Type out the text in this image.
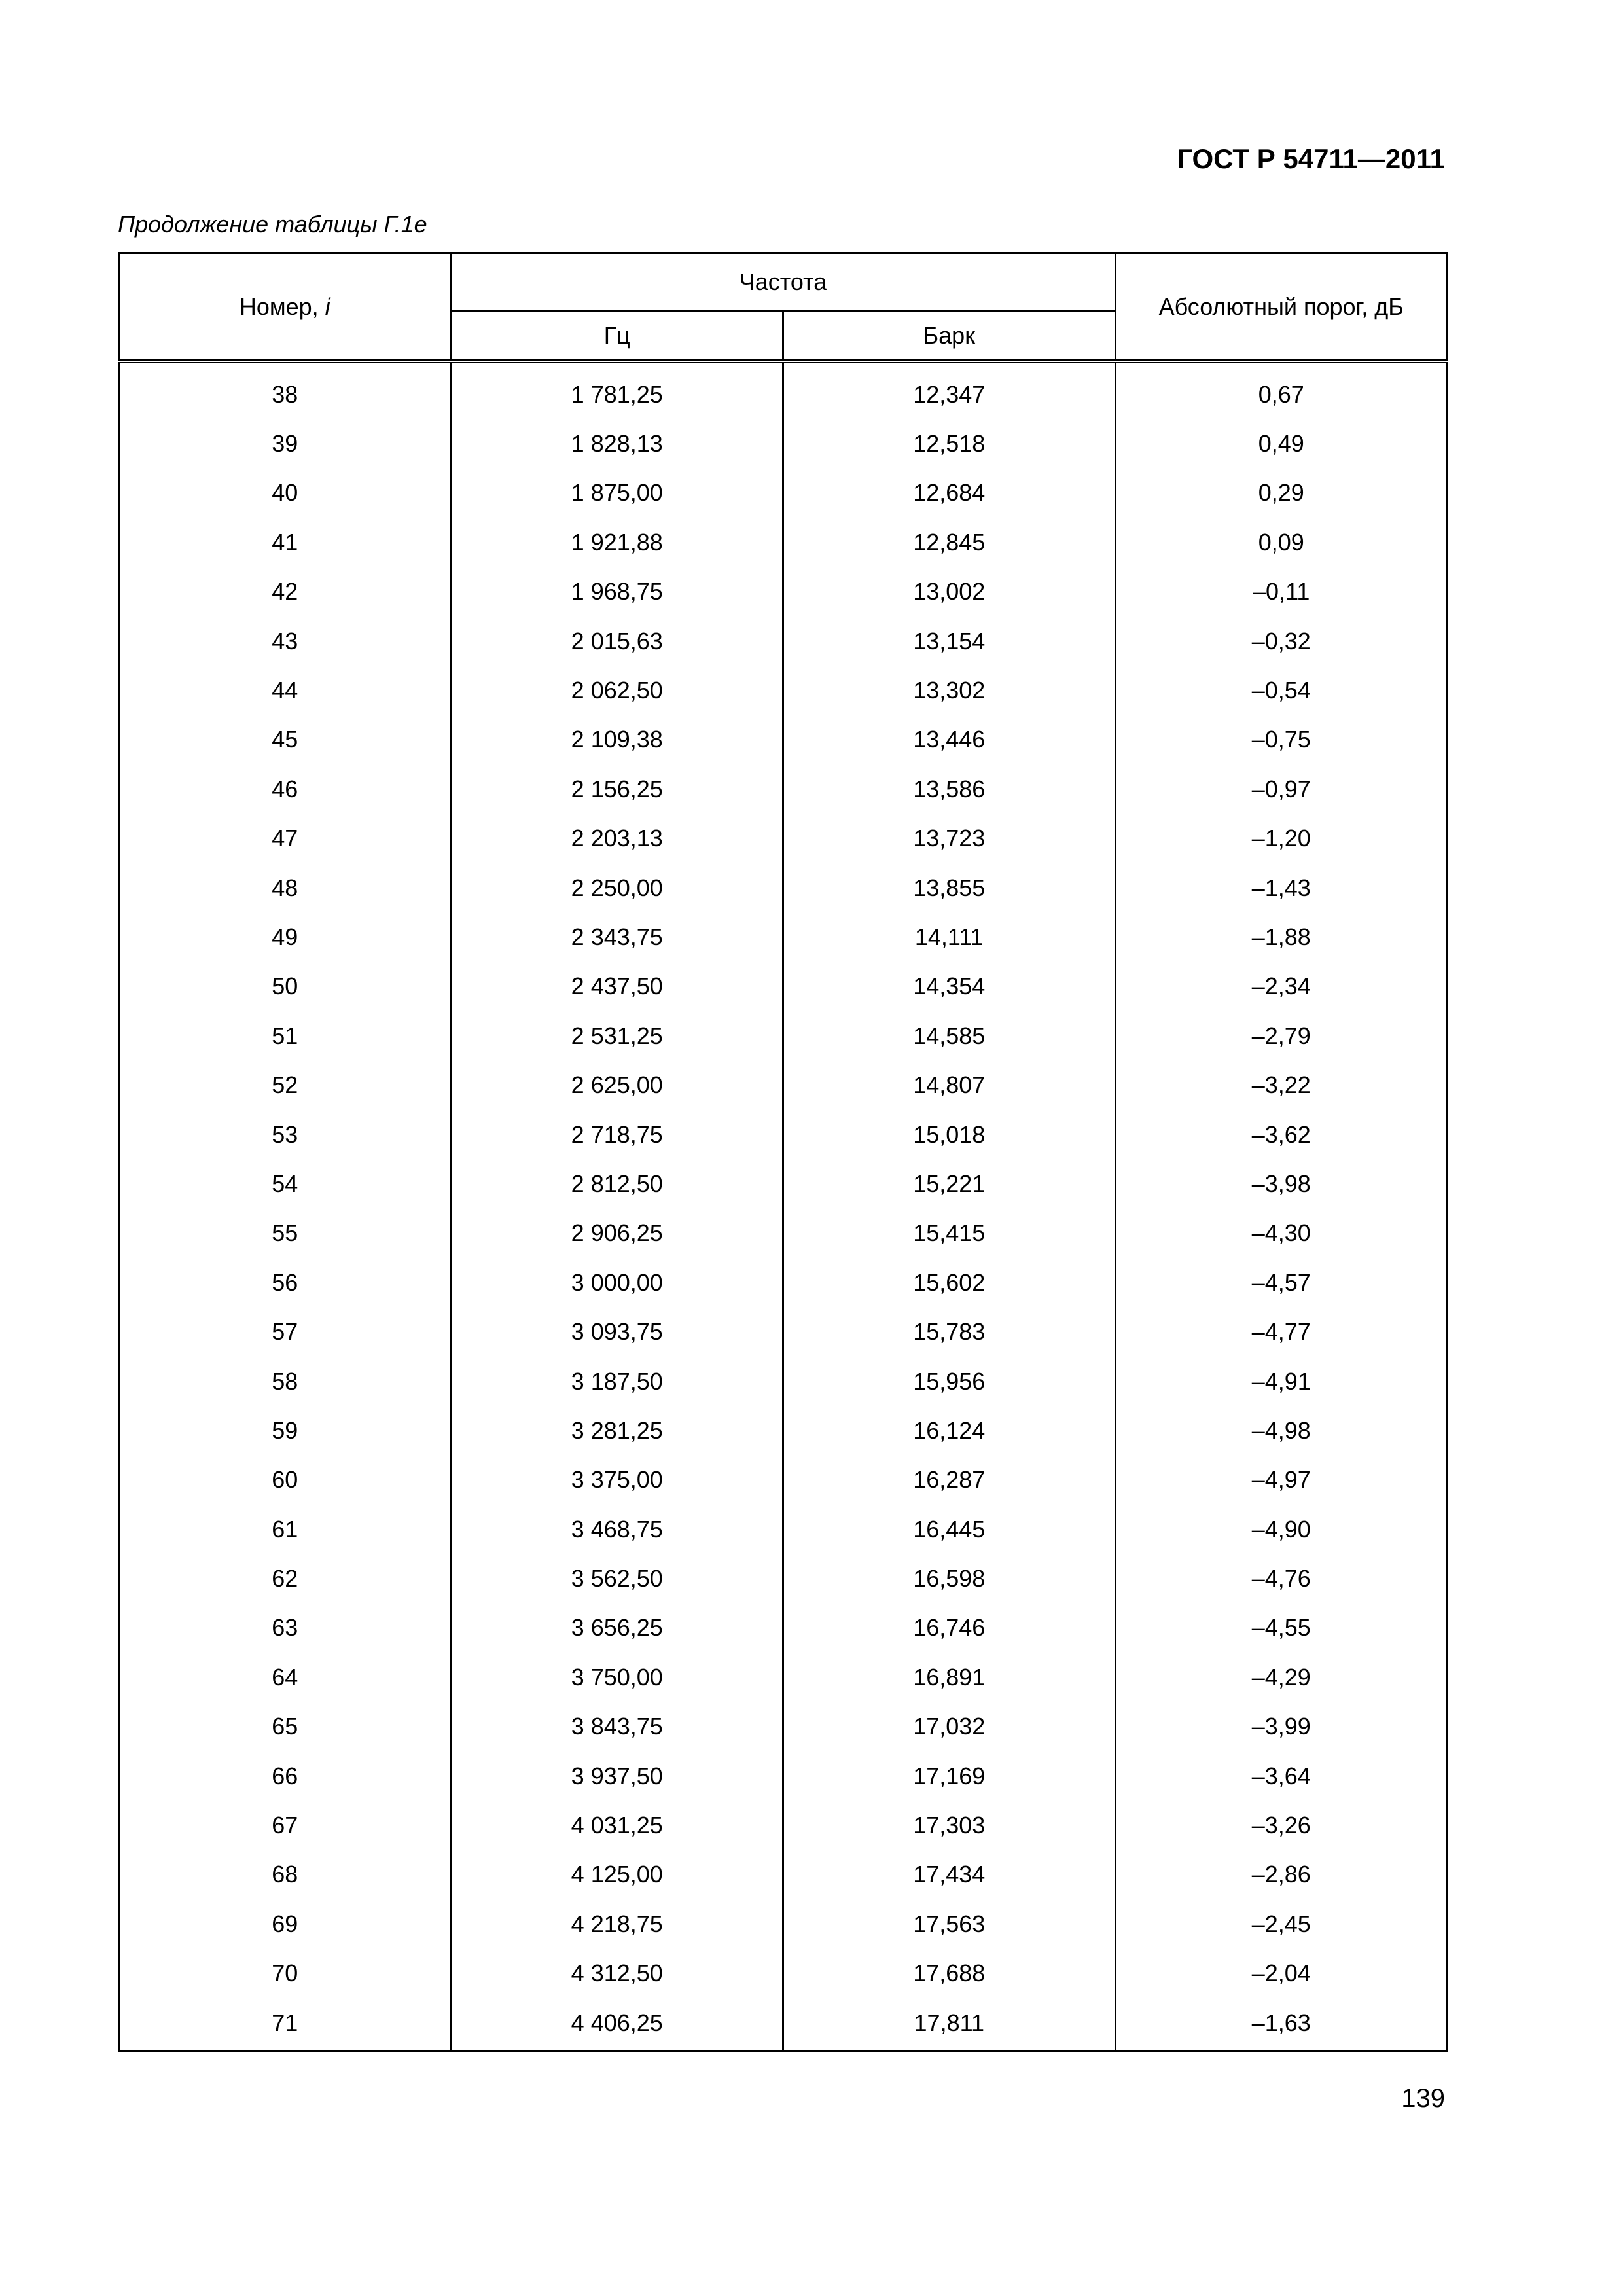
ГОСТ Р 54711—2011
Продолжение таблицы Г.1е
Номер, i	Частота		Абсолютный порог, дБ
	Гц	Барк	
38	1 781,25	12,347	0,67
39	1 828,13	12,518	0,49
40	1 875,00	12,684	0,29
41	1 921,88	12,845	0,09
42	1 968,75	13,002	–0,11
43	2 015,63	13,154	–0,32
44	2 062,50	13,302	–0,54
45	2 109,38	13,446	–0,75
46	2 156,25	13,586	–0,97
47	2 203,13	13,723	–1,20
48	2 250,00	13,855	–1,43
49	2 343,75	14,111	–1,88
50	2 437,50	14,354	–2,34
51	2 531,25	14,585	–2,79
52	2 625,00	14,807	–3,22
53	2 718,75	15,018	–3,62
54	2 812,50	15,221	–3,98
55	2 906,25	15,415	–4,30
56	3 000,00	15,602	–4,57
57	3 093,75	15,783	–4,77
58	3 187,50	15,956	–4,91
59	3 281,25	16,124	–4,98
60	3 375,00	16,287	–4,97
61	3 468,75	16,445	–4,90
62	3 562,50	16,598	–4,76
63	3 656,25	16,746	–4,55
64	3 750,00	16,891	–4,29
65	3 843,75	17,032	–3,99
66	3 937,50	17,169	–3,64
67	4 031,25	17,303	–3,26
68	4 125,00	17,434	–2,86
69	4 218,75	17,563	–2,45
70	4 312,50	17,688	–2,04
71	4 406,25	17,811	–1,63
139
